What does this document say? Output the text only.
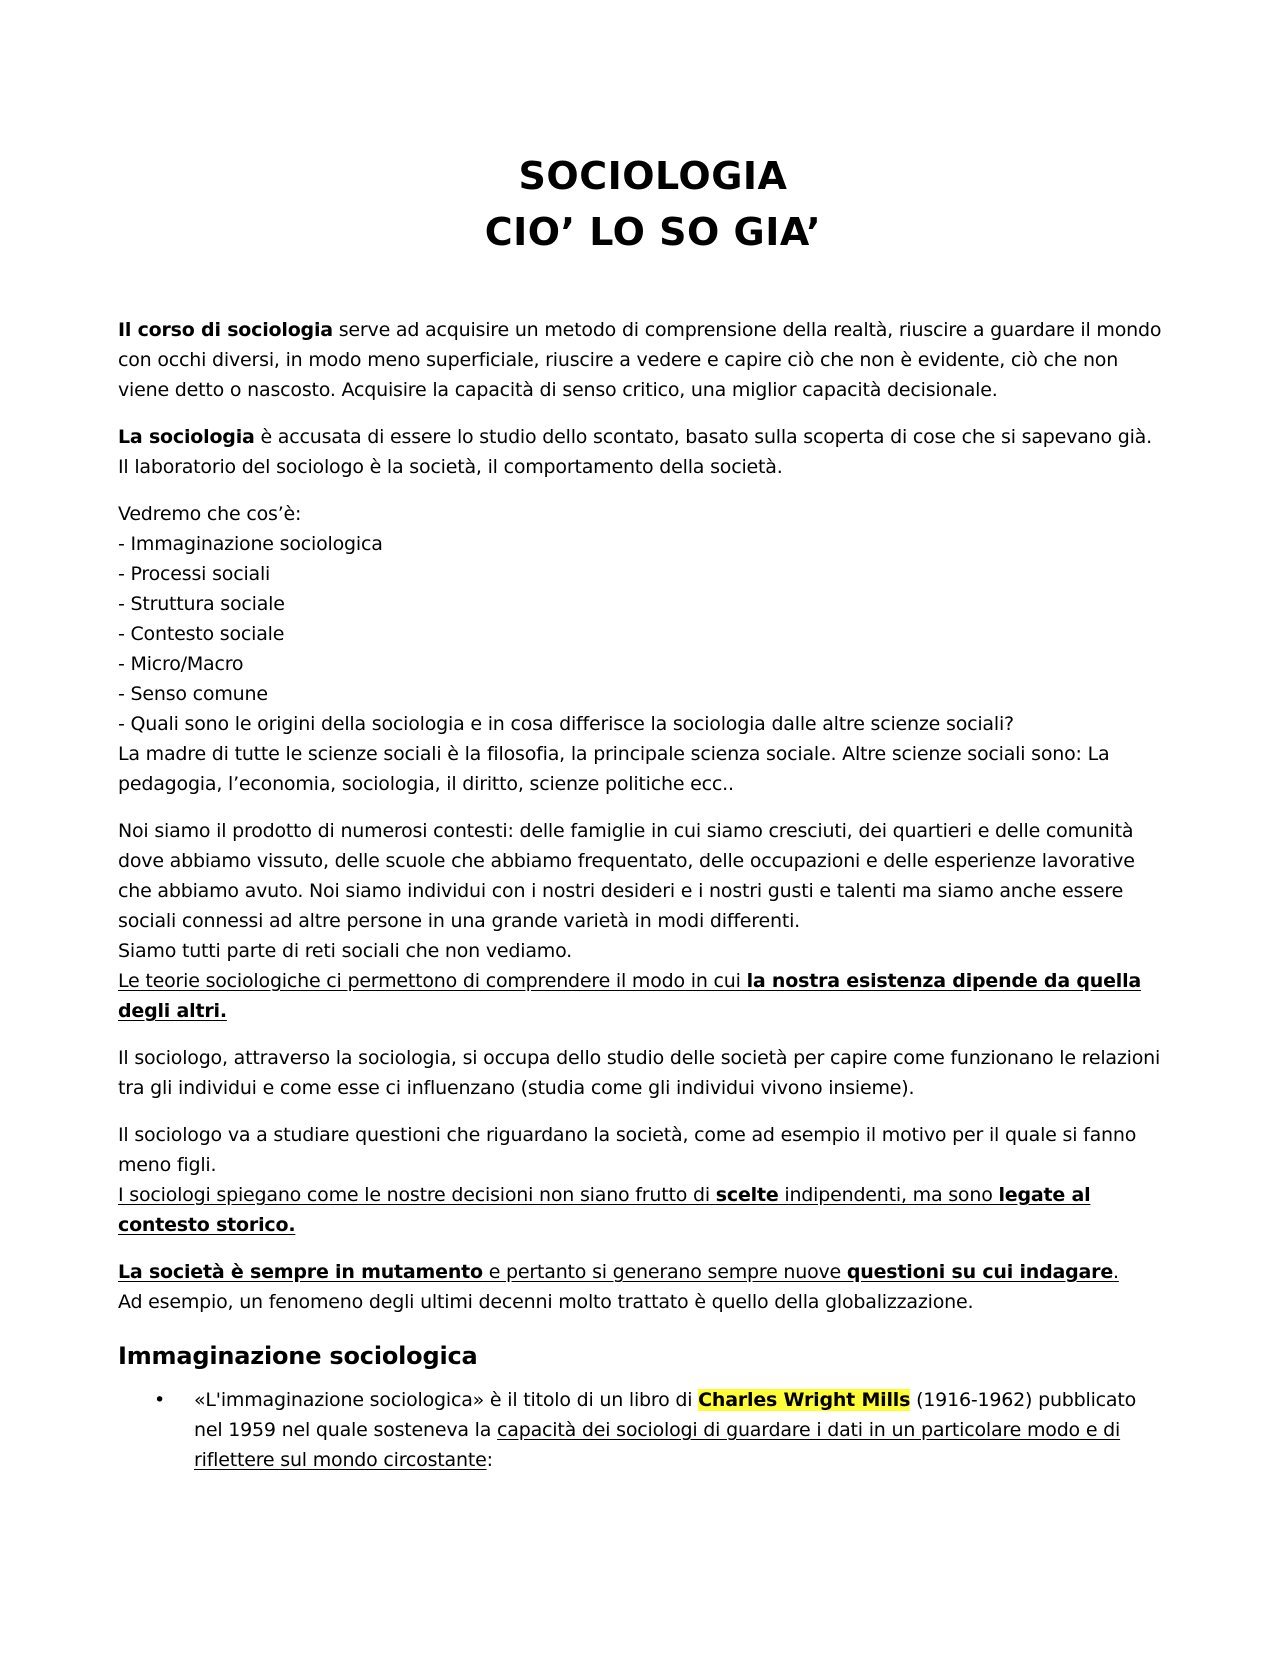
SOCIOLOGIA
CIO’ LO SO GIA’

Il corso di sociologia serve ad acquisire un metodo di comprensione della realtà, riuscire a guardare il mondo con occhi diversi, in modo meno superficiale, riuscire a vedere e capire ciò che non è evidente, ciò che non viene detto o nascosto. Acquisire la capacità di senso critico, una miglior capacità decisionale.

La sociologia è accusata di essere lo studio dello scontato, basato sulla scoperta di cose che si sapevano già. Il laboratorio del sociologo è la società, il comportamento della società.

Vedremo che cos’è:
- Immaginazione sociologica
- Processi sociali
- Struttura sociale
- Contesto sociale
- Micro/Macro
- Senso comune
- Quali sono le origini della sociologia e in cosa differisce la sociologia dalle altre scienze sociali?
La madre di tutte le scienze sociali è la filosofia, la principale scienza sociale. Altre scienze sociali sono: La pedagogia, l’economia, sociologia, il diritto, scienze politiche ecc..

Noi siamo il prodotto di numerosi contesti: delle famiglie in cui siamo cresciuti, dei quartieri e delle comunità dove abbiamo vissuto, delle scuole che abbiamo frequentato, delle occupazioni e delle esperienze lavorative che abbiamo avuto. Noi siamo individui con i nostri desideri e i nostri gusti e talenti ma siamo anche essere sociali connessi ad altre persone in una grande varietà in modi differenti.
Siamo tutti parte di reti sociali che non vediamo.
Le teorie sociologiche ci permettono di comprendere il modo in cui la nostra esistenza dipende da quella degli altri.

Il sociologo, attraverso la sociologia, si occupa dello studio delle società per capire come funzionano le relazioni tra gli individui e come esse ci influenzano (studia come gli individui vivono insieme).

Il sociologo va a studiare questioni che riguardano la società, come ad esempio il motivo per il quale si fanno meno figli.
I sociologi spiegano come le nostre decisioni non siano frutto di scelte indipendenti, ma sono legate al contesto storico.

La società è sempre in mutamento e pertanto si generano sempre nuove questioni su cui indagare.
Ad esempio, un fenomeno degli ultimi decenni molto trattato è quello della globalizzazione.

Immaginazione sociologica
• «L'immaginazione sociologica» è il titolo di un libro di Charles Wright Mills (1916-1962) pubblicato nel 1959 nel quale sosteneva la capacità dei sociologi di guardare i dati in un particolare modo e di riflettere sul mondo circostante:
